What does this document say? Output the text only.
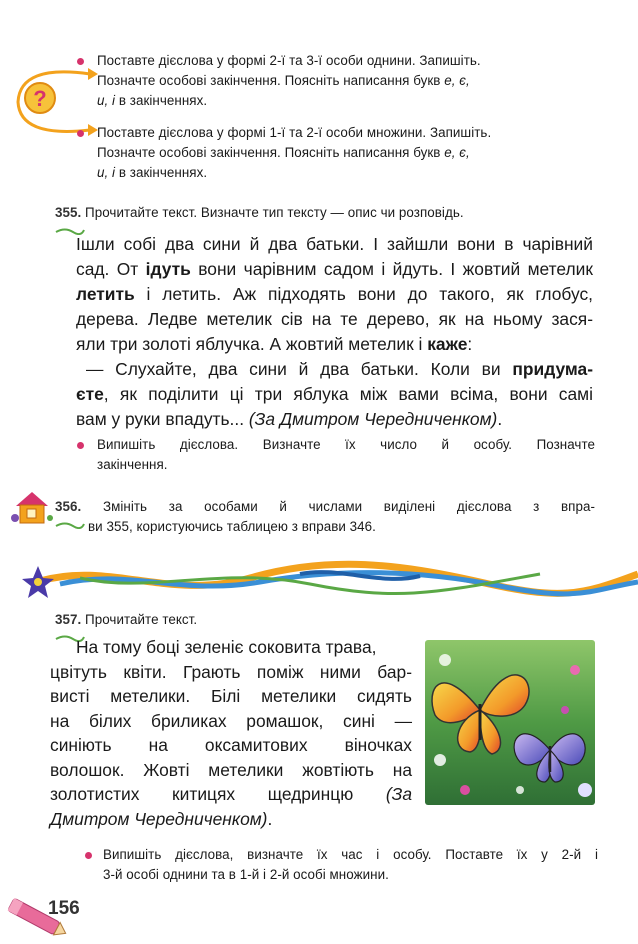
?
Поставте дієслова у формі 2-ї та 3-ї особи однини. Запишіть.
Позначте особові закінчення. Поясніть написання букв е, є,
и, і в закінченнях.
Поставте дієслова у формі 1-ї та 2-ї особи множини. Запишіть.
Позначте особові закінчення. Поясніть написання букв е, є,
и, і в закінченнях.
355. Прочитайте текст. Визначте тип тексту — опис чи розповідь.
Ішли собі два сини й два батьки. І зайшли вони в чарівний
сад. От ідуть вони чарівним садом і йдуть. І жовтий метелик
летить і летить. Аж підходять вони до такого, як глобус,
дерева. Ледве метелик сів на те дерево, як на ньому зася-
яли три золоті яблучка. А жовтий метелик і каже:
— Слухайте, два сини й два батьки. Коли ви придума-
єте, як поділити ці три яблука між вами всіма, вони самі
вам у руки впадуть... (За Дмитром Чередниченком).
Випишіть дієслова. Визначте їх число й особу. Позначте
закінчення.
356. Змініть за особами й числами виділені дієслова з впра-
ви 355, користуючись таблицею з вправи 346.
357. Прочитайте текст.
На тому боці зеленіє соковита трава,
цвітуть квіти. Грають поміж ними бар-
висті метелики. Білі метелики сидять
на білих бриликах ромашок, сині —
синіють на оксамитових віночках
волошок. Жовті метелики жовтіють на
золотистих китицях щедринцю (За
Дмитром Чередниченком).
Випишіть дієслова, визначте їх час і особу. Поставте їх у 2-й і
3-й особі однини та в 1-й і 2-й особі множини.
156
